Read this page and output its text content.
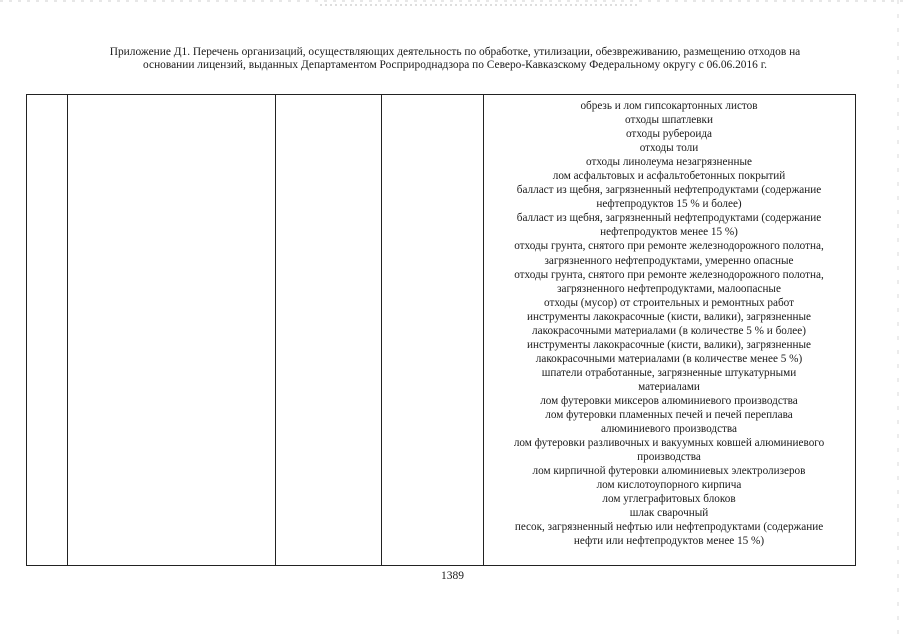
Приложение Д1. Перечень организаций, осуществляющих деятельность по обработке, утилизации, обезвреживанию, размещению отходов на
основании лицензий, выданных Департаментом Росприроднадзора по Северо-Кавказскому Федеральному округу с 06.06.2016 г.
обрезь и лом гипсокартонных листов
отходы шпатлевки
отходы рубероида
отходы толи
отходы линолеума незагрязненные
лом асфальтовых и асфальтобетонных покрытий
балласт из щебня, загрязненный нефтепродуктами (содержание
нефтепродуктов 15 % и более)
балласт из щебня, загрязненный нефтепродуктами (содержание
нефтепродуктов менее 15 %)
отходы грунта, снятого при ремонте железнодорожного полотна,
загрязненного нефтепродуктами, умеренно опасные
отходы грунта, снятого при ремонте железнодорожного полотна,
загрязненного нефтепродуктами, малоопасные
отходы (мусор) от строительных и ремонтных работ
инструменты лакокрасочные (кисти, валики), загрязненные
лакокрасочными материалами (в количестве 5 % и более)
инструменты лакокрасочные (кисти, валики), загрязненные
лакокрасочными материалами (в количестве менее 5 %)
шпатели отработанные, загрязненные штукатурными
материалами
лом футеровки миксеров алюминиевого производства
лом футеровки пламенных печей и печей переплава
алюминиевого производства
лом футеровки разливочных и вакуумных ковшей алюминиевого
производства
лом кирпичной футеровки алюминиевых электролизеров
лом кислотоупорного кирпича
лом углеграфитовых блоков
шлак сварочный
песок, загрязненный нефтью или нефтепродуктами (содержание
нефти или нефтепродуктов менее 15 %)
1389
